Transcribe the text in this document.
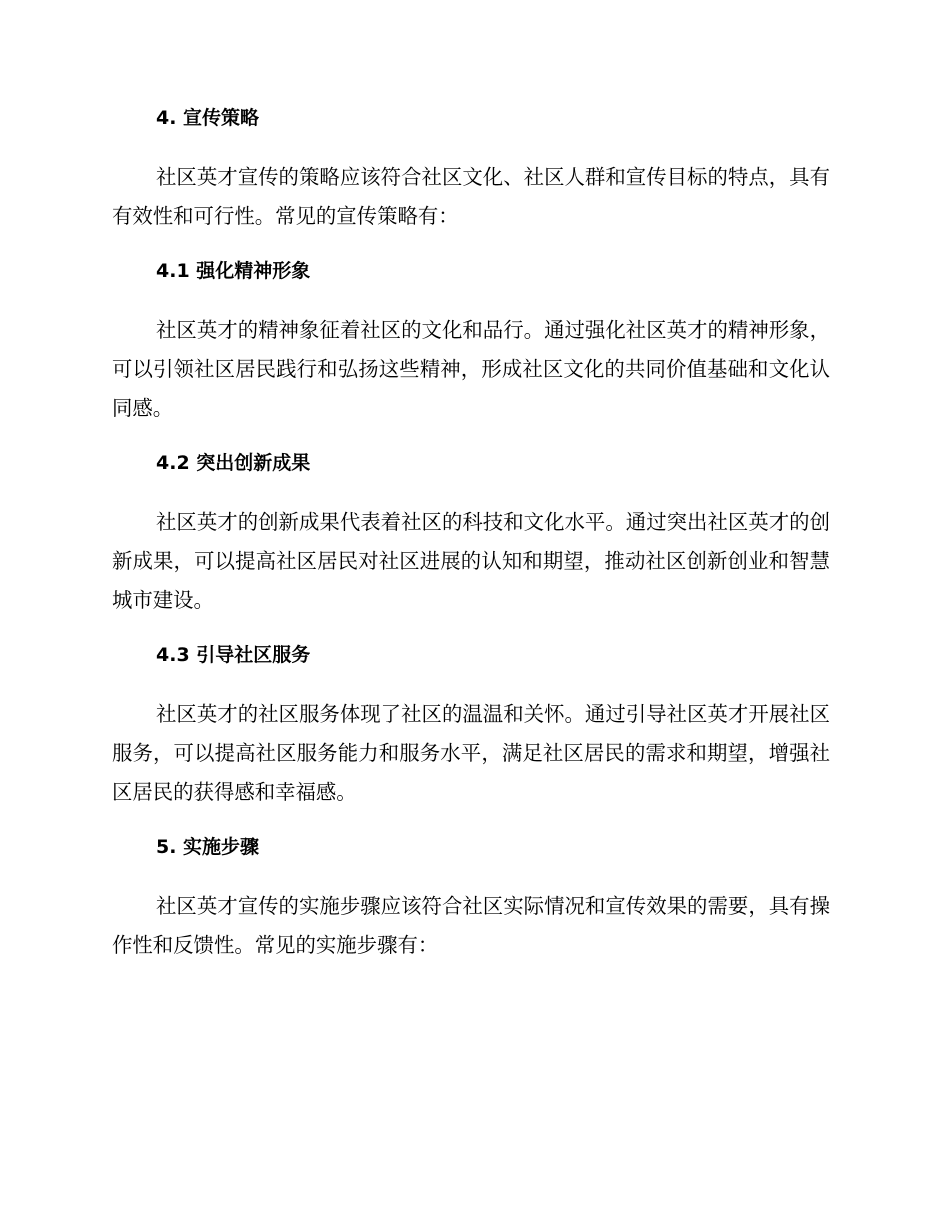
4. 宣传策略

社区英才宣传的策略应该符合社区文化、社区人群和宣传目标的特点，具有有效性和可行性。常见的宣传策略有：

4.1 强化精神形象

社区英才的精神象征着社区的文化和品行。通过强化社区英才的精神形象，可以引领社区居民践行和弘扬这些精神，形成社区文化的共同价值基础和文化认同感。

4.2 突出创新成果

社区英才的创新成果代表着社区的科技和文化水平。通过突出社区英才的创新成果，可以提高社区居民对社区进展的认知和期望，推动社区创新创业和智慧城市建设。

4.3 引导社区服务

社区英才的社区服务体现了社区的温温和关怀。通过引导社区英才开展社区服务，可以提高社区服务能力和服务水平，满足社区居民的需求和期望，增强社区居民的获得感和幸福感。

5. 实施步骤

社区英才宣传的实施步骤应该符合社区实际情况和宣传效果的需要，具有操作性和反馈性。常见的实施步骤有：
